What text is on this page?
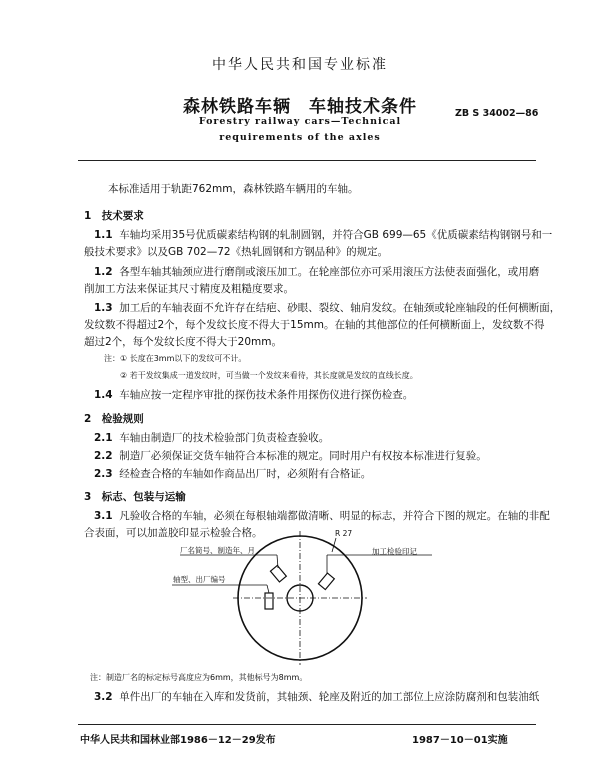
中华人民共和国专业标准
森林铁路车辆　车轴技术条件
Forestry railway cars—Technical
requirements of the axles
ZB S 34002—86
本标准适用于轨距762mm，森林铁路车辆用的车轴。
1　技术要求
1.1 车轴均采用35号优质碳素结构钢的轧制圆钢，并符合GB 699—65《优质碳素结构钢钢号和一
般技术要求》以及GB 702—72《热轧圆钢和方钢品种》的规定。
1.2 各型车轴其轴颈应进行磨削或滚压加工。在轮座部位亦可采用滚压方法使表面强化，或用磨
削加工方法来保证其尺寸精度及粗糙度要求。
1.3 加工后的车轴表面不允许存在结疤、砂眼、裂纹、轴肩发纹。在轴颈或轮座轴段的任何横断面，
发纹数不得超过2个，每个发纹长度不得大于15mm。在轴的其他部位的任何横断面上，发纹数不得
超过2个，每个发纹长度不得大于20mm。
注：① 长度在3mm以下的发纹可不计。
② 若干发纹集成一道发纹时，可当做一个发纹来看待，其长度就是发纹的直线长度。
1.4 车轴应按一定程序审批的探伤技术条件用探伤仪进行探伤检查。
2　检验规则
2.1 车轴由制造厂的技术检验部门负责检查验收。
2.2 制造厂必须保证交货车轴符合本标准的规定。同时用户有权按本标准进行复验。
2.3 经检查合格的车轴如作商品出厂时，必须附有合格证。
3　标志、包装与运输
3.1 凡验收合格的车轴，必须在每根轴端都做清晰、明显的标志，并符合下图的规定。在轴的非配
合表面，可以加盖胶印显示检验合格。
厂名简号、制造年、月	加工检验印记
轴型、出厂编号
R 27
注：制造厂名的标定标号高度应为6mm，其他标号为8mm。
3.2 单件出厂的车轴在入库和发货前，其轴颈、轮座及附近的加工部位上应涂防腐剂和包装油纸
中华人民共和国林业部1986－12－29发布	1987－10－01实施
